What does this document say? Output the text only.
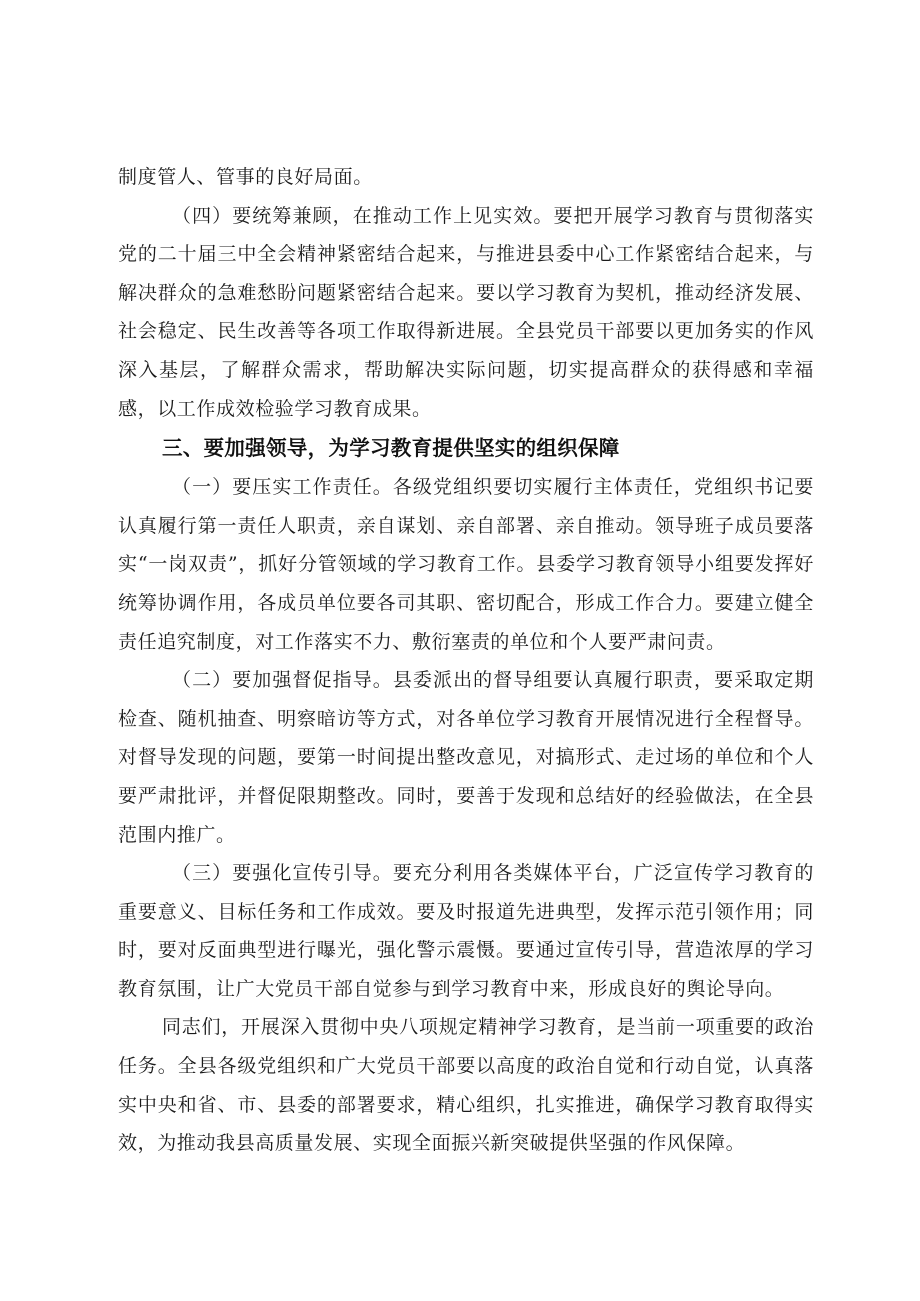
制度管人、管事的良好局面。

（四）要统筹兼顾，在推动工作上见实效。要把开展学习教育与贯彻落实党的二十届三中全会精神紧密结合起来，与推进县委中心工作紧密结合起来，与解决群众的急难愁盼问题紧密结合起来。要以学习教育为契机，推动经济发展、社会稳定、民生改善等各项工作取得新进展。全县党员干部要以更加务实的作风深入基层，了解群众需求，帮助解决实际问题，切实提高群众的获得感和幸福感，以工作成效检验学习教育成果。

三、要加强领导，为学习教育提供坚实的组织保障

（一）要压实工作责任。各级党组织要切实履行主体责任，党组织书记要认真履行第一责任人职责，亲自谋划、亲自部署、亲自推动。领导班子成员要落实“一岗双责”，抓好分管领域的学习教育工作。县委学习教育领导小组要发挥好统筹协调作用，各成员单位要各司其职、密切配合，形成工作合力。要建立健全责任追究制度，对工作落实不力、敷衍塞责的单位和个人要严肃问责。

（二）要加强督促指导。县委派出的督导组要认真履行职责，要采取定期检查、随机抽查、明察暗访等方式，对各单位学习教育开展情况进行全程督导。对督导发现的问题，要第一时间提出整改意见，对搞形式、走过场的单位和个人要严肃批评，并督促限期整改。同时，要善于发现和总结好的经验做法，在全县范围内推广。

（三）要强化宣传引导。要充分利用各类媒体平台，广泛宣传学习教育的重要意义、目标任务和工作成效。要及时报道先进典型，发挥示范引领作用；同时，要对反面典型进行曝光，强化警示震慑。要通过宣传引导，营造浓厚的学习教育氛围，让广大党员干部自觉参与到学习教育中来，形成良好的舆论导向。

同志们，开展深入贯彻中央八项规定精神学习教育，是当前一项重要的政治任务。全县各级党组织和广大党员干部要以高度的政治自觉和行动自觉，认真落实中央和省、市、县委的部署要求，精心组织，扎实推进，确保学习教育取得实效，为推动我县高质量发展、实现全面振兴新突破提供坚强的作风保障。
